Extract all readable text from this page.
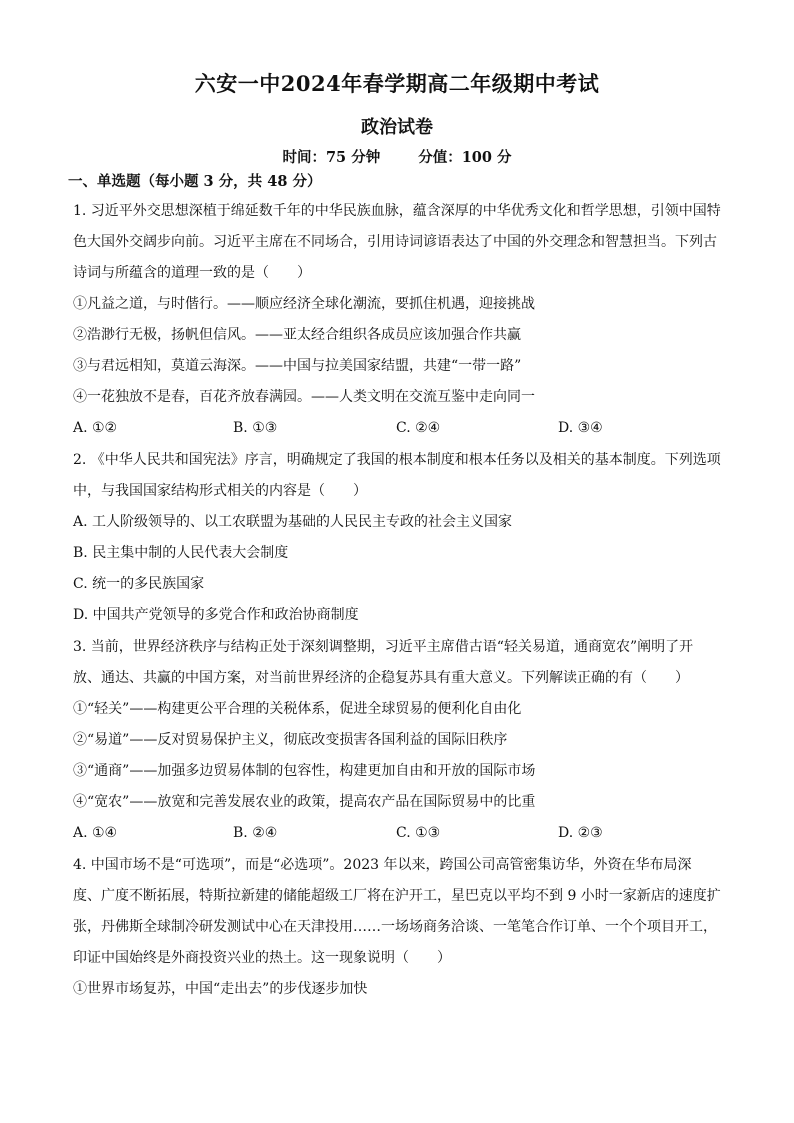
六安一中2024年春学期高二年级期中考试
政治试卷
时间：75 分钟	分值：100 分
一、单选题（每小题 3 分，共 48 分）
1. 习近平外交思想深植于绵延数千年的中华民族血脉，蕴含深厚的中华优秀文化和哲学思想，引领中国特
色大国外交阔步向前。习近平主席在不同场合，引用诗词谚语表达了中国的外交理念和智慧担当。下列古
诗词与所蕴含的道理一致的是（　　）
①凡益之道，与时偕行。——顺应经济全球化潮流，要抓住机遇，迎接挑战
②浩渺行无极，扬帆但信风。——亚太经合组织各成员应该加强合作共赢
③与君远相知，莫道云海深。——中国与拉美国家结盟，共建“一带一路”
④一花独放不是春，百花齐放春满园。——人类文明在交流互鉴中走向同一
A. ①②	B. ①③	C. ②④	D. ③④
2. 《中华人民共和国宪法》序言，明确规定了我国的根本制度和根本任务以及相关的基本制度。下列选项
中，与我国国家结构形式相关的内容是（　　）
A. 工人阶级领导的、以工农联盟为基础的人民民主专政的社会主义国家
B. 民主集中制的人民代表大会制度
C. 统一的多民族国家
D. 中国共产党领导的多党合作和政治协商制度
3. 当前，世界经济秩序与结构正处于深刻调整期，习近平主席借古语“轻关易道，通商宽农”阐明了开
放、通达、共赢的中国方案，对当前世界经济的企稳复苏具有重大意义。下列解读正确的有（　　）
①“轻关”——构建更公平合理的关税体系，促进全球贸易的便利化自由化
②“易道”——反对贸易保护主义，彻底改变损害各国利益的国际旧秩序
③“通商”——加强多边贸易体制的包容性，构建更加自由和开放的国际市场
④“宽农”——放宽和完善发展农业的政策，提高农产品在国际贸易中的比重
A. ①④	B. ②④	C. ①③	D. ②③
4. 中国市场不是“可选项”，而是“必选项”。2023 年以来，跨国公司高管密集访华，外资在华布局深
度、广度不断拓展，特斯拉新建的储能超级工厂将在沪开工，星巴克以平均不到 9 小时一家新店的速度扩
张，丹佛斯全球制冷研发测试中心在天津投用……一场场商务洽谈、一笔笔合作订单、一个个项目开工，
印证中国始终是外商投资兴业的热土。这一现象说明（　　）
①世界市场复苏，中国“走出去”的步伐逐步加快
